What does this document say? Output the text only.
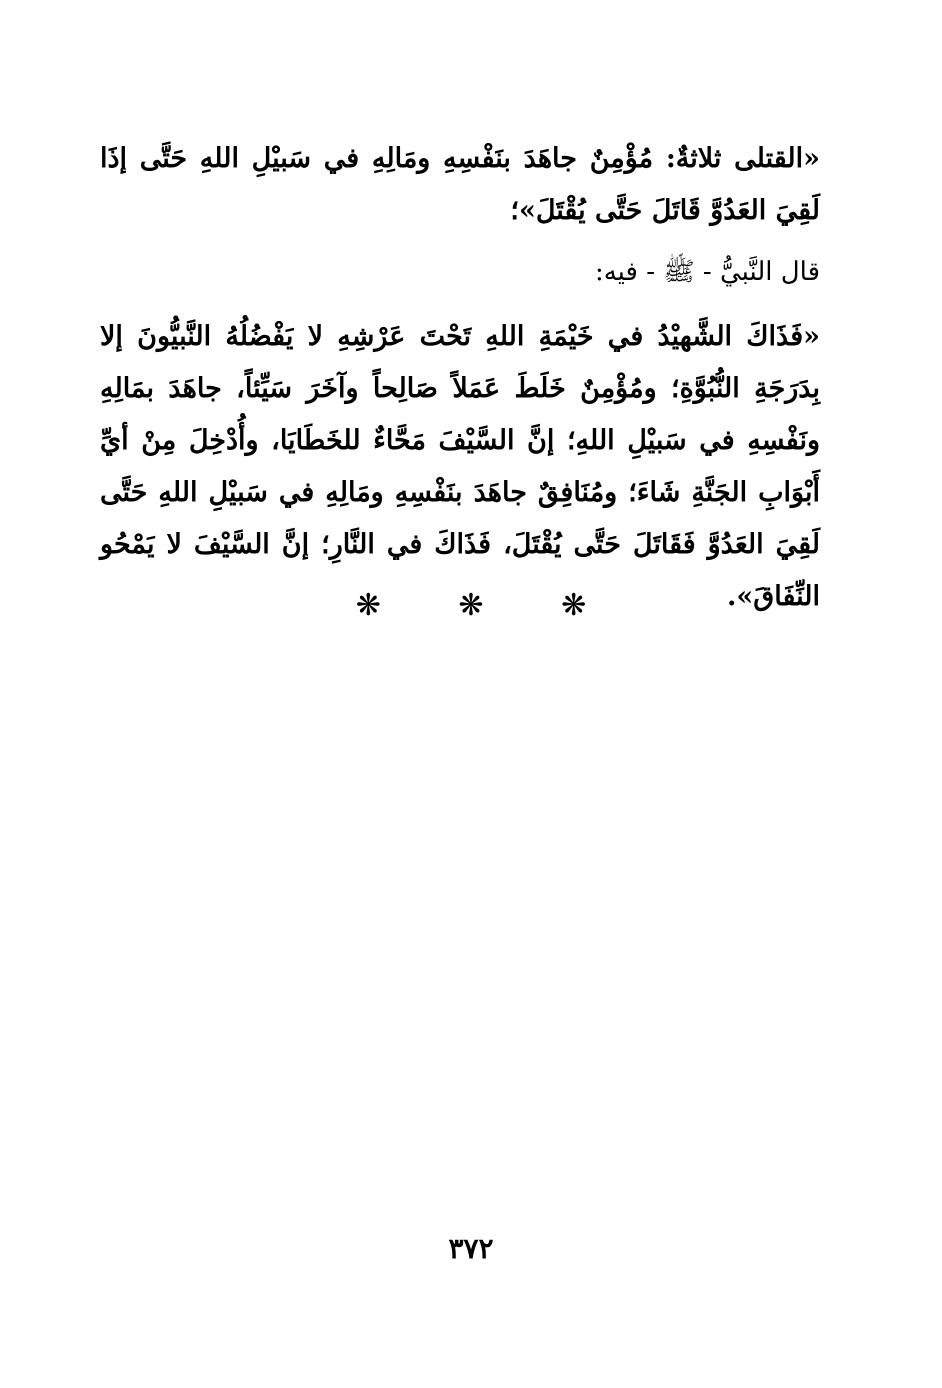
«القتلى ثلاثةٌ: مُؤْمِنٌ جاهَدَ بنَفْسِهِ ومَالِهِ في سَبيْلِ اللهِ حَتَّى إذَا لَقِيَ العَدُوَّ قَاتَلَ حَتَّى يُقْتَلَ»؛

قال النَّبيُّ - ﷺ - فيه:

«فَذَاكَ الشَّهيْدُ في خَيْمَةِ اللهِ تَحْتَ عَرْشِهِ لا يَفْضُلُهُ النَّبيُّونَ إلا بِدَرَجَةِ النُّبُوَّةِ؛ ومُؤْمِنٌ خَلَطَ عَمَلاً صَالِحاً وآخَرَ سَيِّئاً، جاهَدَ بمَالِهِ ونَفْسِهِ في سَبيْلِ اللهِ؛ إنَّ السَّيْفَ مَحَّاءٌ للخَطَايَا، وأُدْخِلَ مِنْ أيِّ أَبْوَابِ الجَنَّةِ شَاءَ؛ ومُنَافِقٌ جاهَدَ بنَفْسِهِ ومَالِهِ في سَبيْلِ اللهِ حَتَّى لَقِيَ العَدُوَّ فَقَاتَلَ حَتَّى يُقْتَلَ، فَذَاكَ في النَّارِ؛ إنَّ السَّيْفَ لا يَمْحُو النِّفَاقَ».

❋	❋	❋
٣٧٢
